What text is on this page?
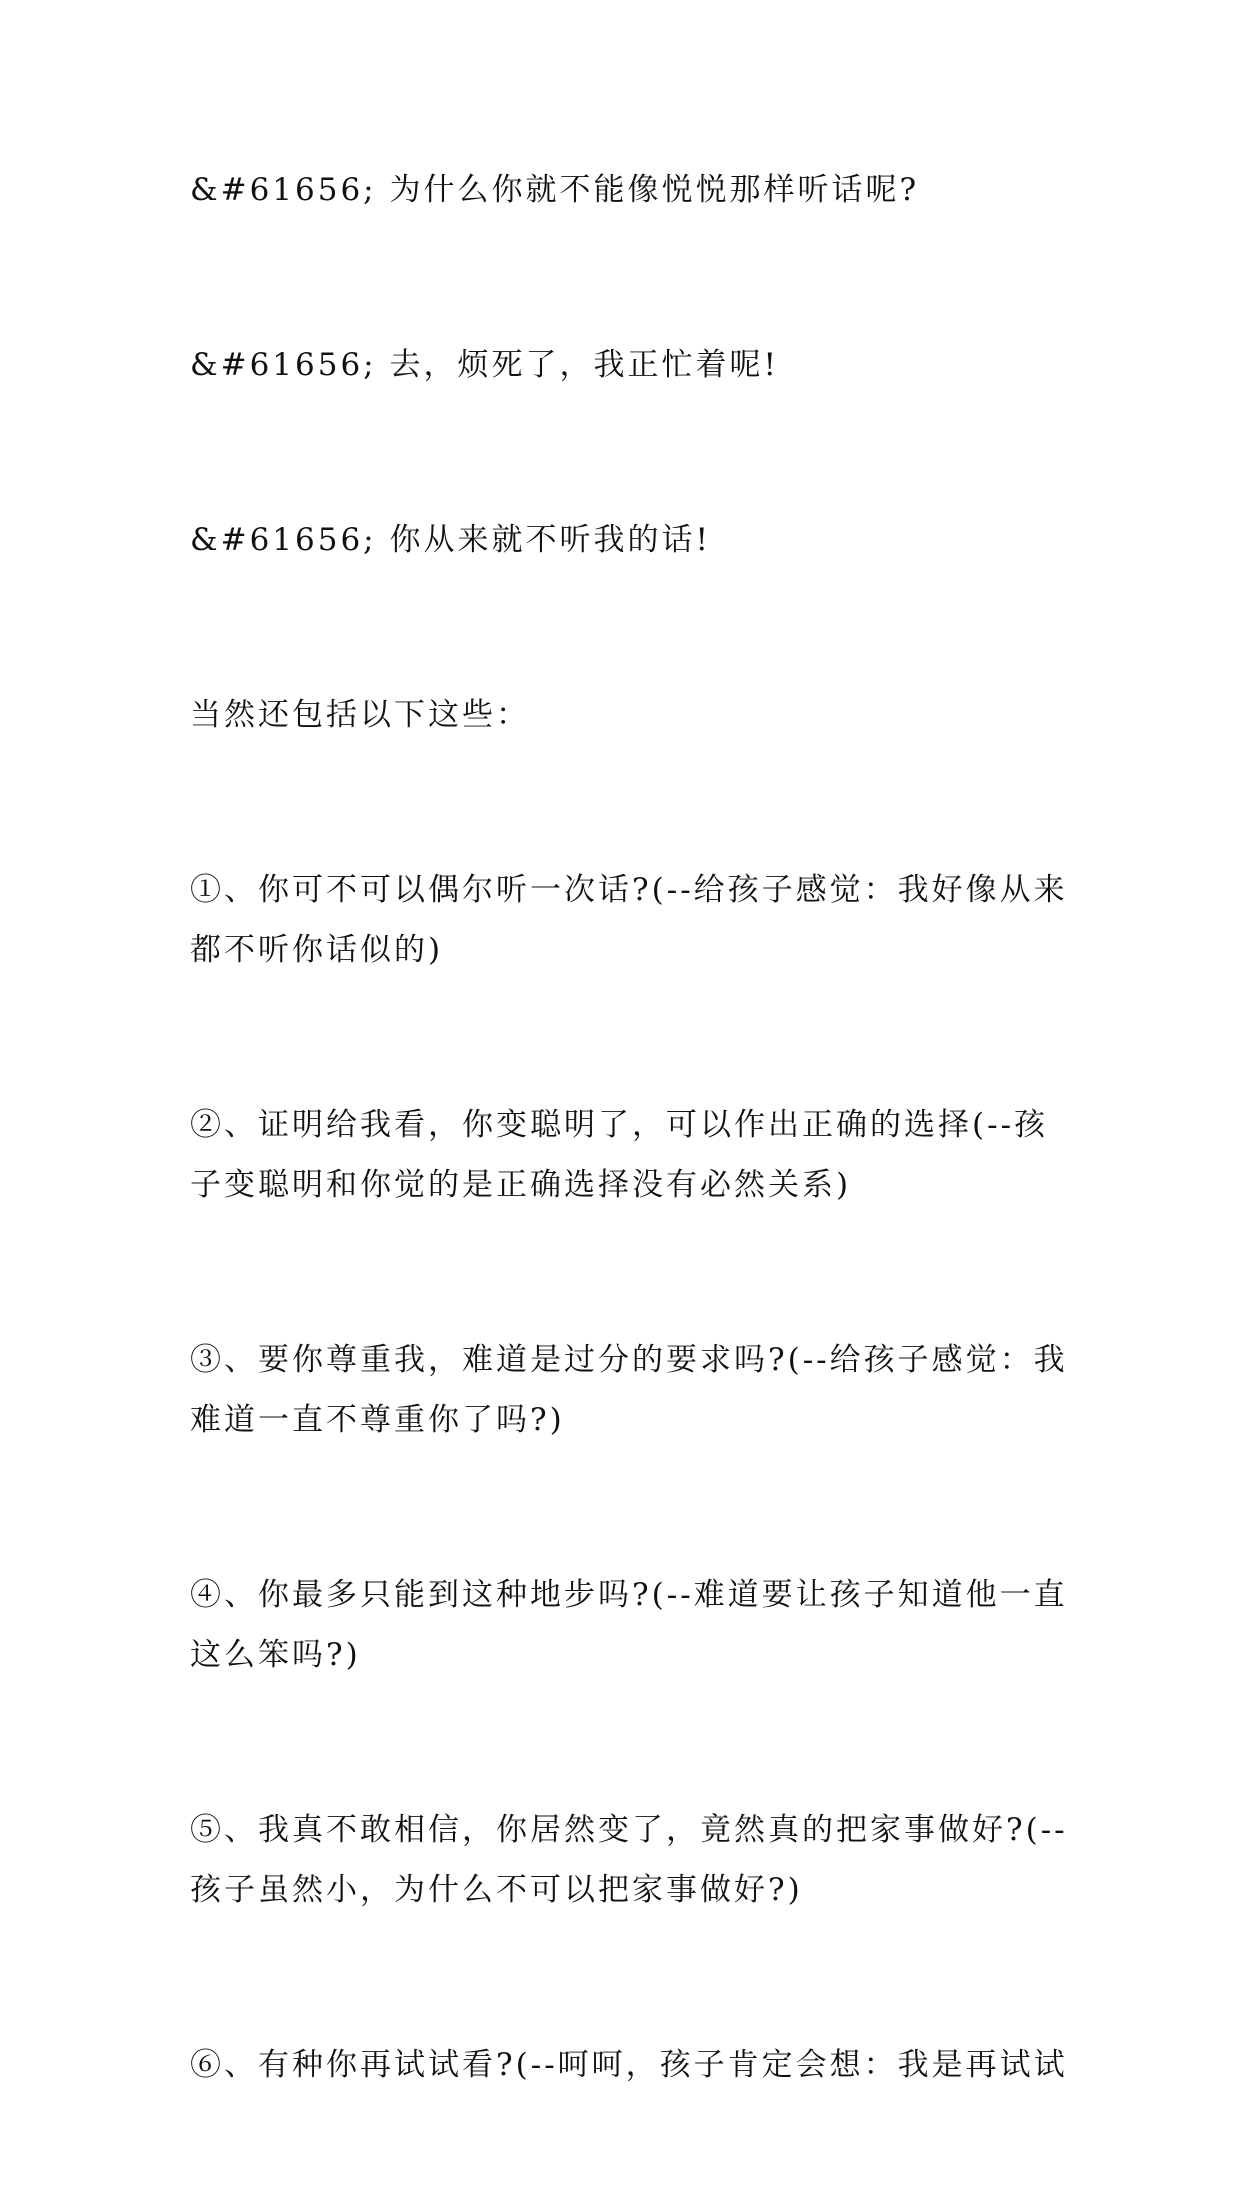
&#61656; 为什么你就不能像悦悦那样听话呢?

&#61656; 去，烦死了，我正忙着呢!

&#61656; 你从来就不听我的话!

当然还包括以下这些：

①、你可不可以偶尔听一次话?(--给孩子感觉：我好像从来都不听你话似的)

②、证明给我看，你变聪明了，可以作出正确的选择(--孩子变聪明和你觉的是正确选择没有必然关系)

③、要你尊重我，难道是过分的要求吗?(--给孩子感觉：我难道一直不尊重你了吗?)

④、你最多只能到这种地步吗?(--难道要让孩子知道他一直这么笨吗?)

⑤、我真不敢相信，你居然变了，竟然真的把家事做好?(--孩子虽然小，为什么不可以把家事做好?)

⑥、有种你再试试看?(--呵呵，孩子肯定会想：我是再试试
